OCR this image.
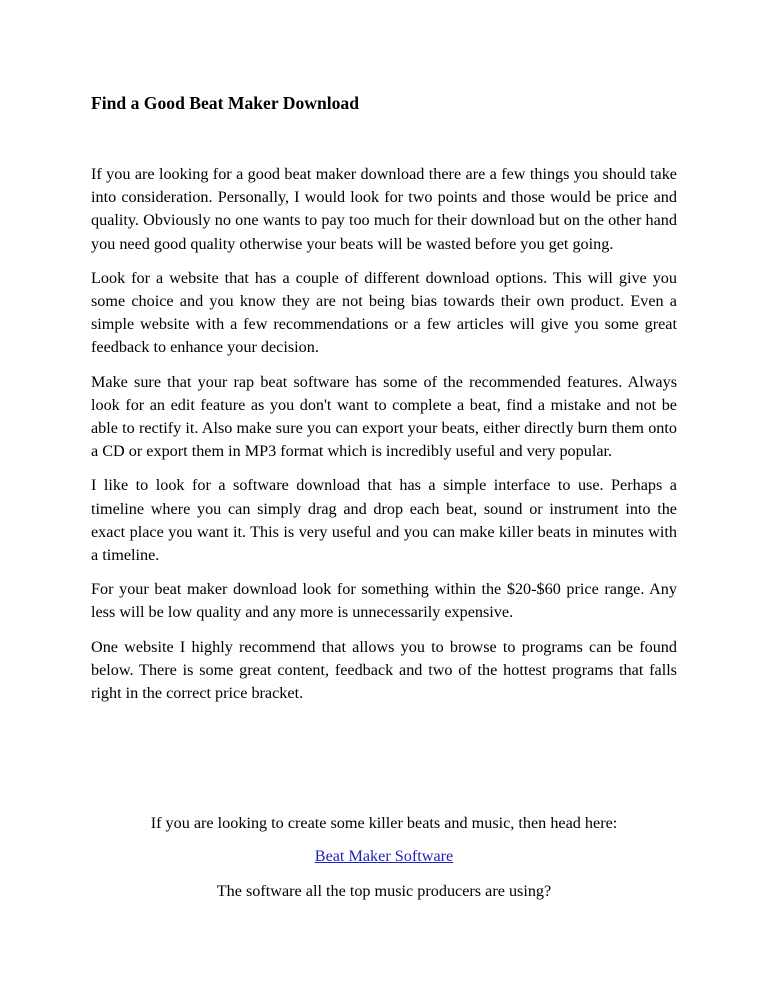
Find a Good Beat Maker Download

If you are looking for a good beat maker download there are a few things you should take into consideration. Personally, I would look for two points and those would be price and quality. Obviously no one wants to pay too much for their download but on the other hand you need good quality otherwise your beats will be wasted before you get going.

Look for a website that has a couple of different download options. This will give you some choice and you know they are not being bias towards their own product. Even a simple website with a few recommendations or a few articles will give you some great feedback to enhance your decision.

Make sure that your rap beat software has some of the recommended features. Always look for an edit feature as you don't want to complete a beat, find a mistake and not be able to rectify it. Also make sure you can export your beats, either directly burn them onto a CD or export them in MP3 format which is incredibly useful and very popular.

I like to look for a software download that has a simple interface to use. Perhaps a timeline where you can simply drag and drop each beat, sound or instrument into the exact place you want it. This is very useful and you can make killer beats in minutes with a timeline.

For your beat maker download look for something within the $20-$60 price range. Any less will be low quality and any more is unnecessarily expensive.

One website I highly recommend that allows you to browse to programs can be found below. There is some great content, feedback and two of the hottest programs that falls right in the correct price bracket.

If you are looking to create some killer beats and music, then head here:
Beat Maker Software
The software all the top music producers are using?
